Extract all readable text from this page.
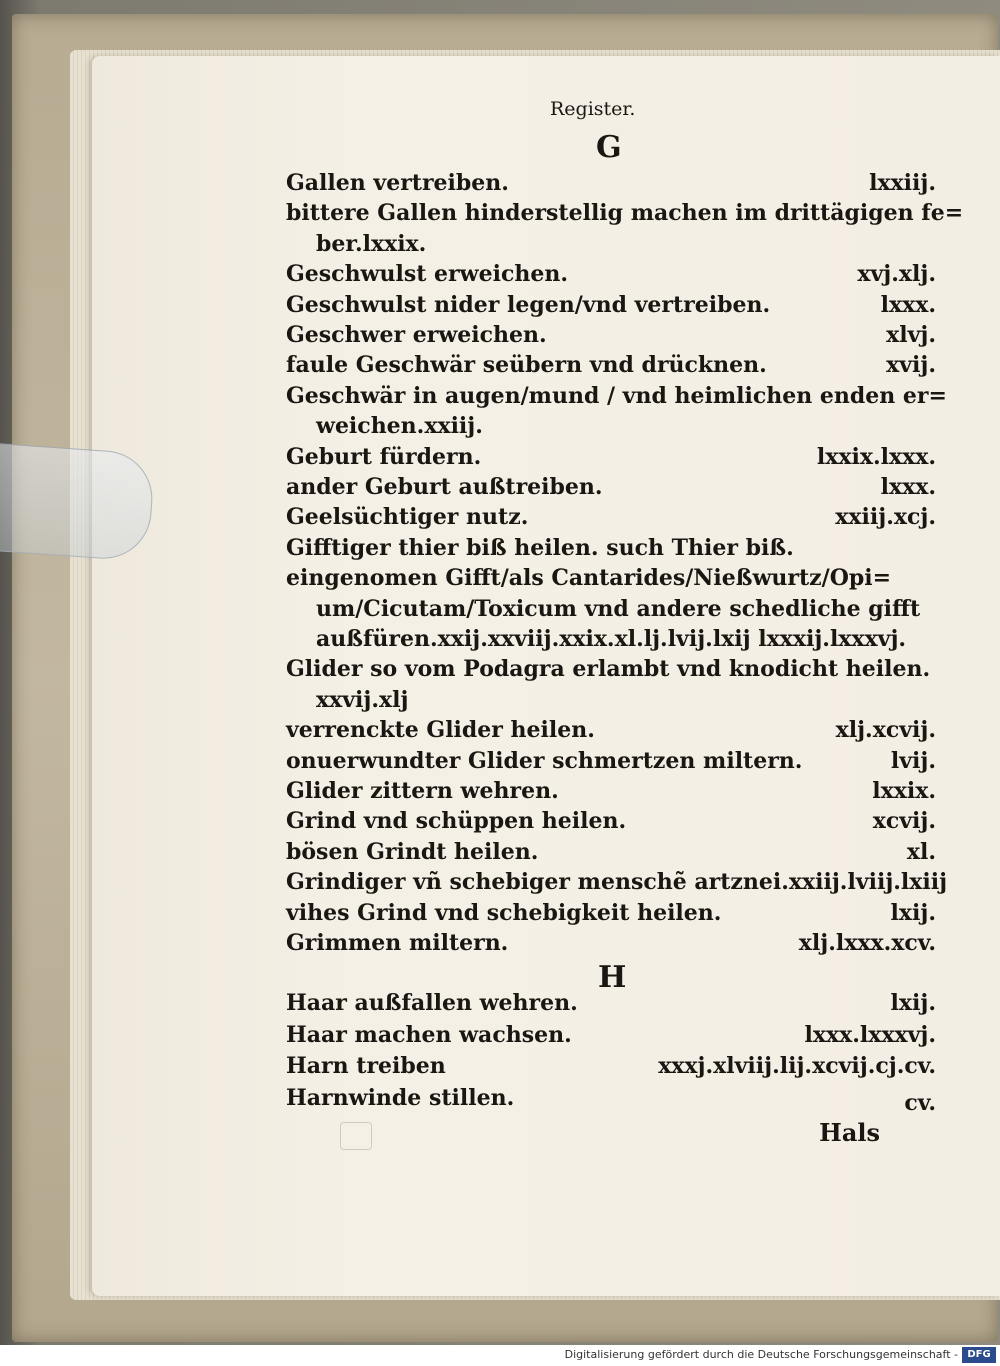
Register.
G
Gallen vertreiben.	lxxiij.
bittere Gallen hinderstellig machen im drittägigen fe=
ber.lxxix.
Geschwulst erweichen.	xvj.xlj.
Geschwulst nider legen/vnd vertreiben.	lxxx.
Geschwer erweichen.	xlvj.
faule Geschwär seübern vnd drücknen.	xvij.
Geschwär in augen/mund / vnd heimlichen enden er=
weichen.xxiij.
Geburt fürdern.	lxxix.lxxx.
ander Geburt außtreiben.	lxxx.
Geelsüchtiger nutz.	xxiij.xcj.
Gifftiger thier biß heilen. such Thier biß.
eingenomen Gifft/als Cantarides/Nießwurtz/Opi=
um/Cicutam/Toxicum vnd andere schedliche gifft
außfüren.xxij.xxviij.xxix.xl.lj.lvij.lxij lxxxij.lxxxvj.
Glider so vom Podagra erlambt vnd knodicht heilen.
xxvij.xlj
verrenckte Glider heilen.	xlj.xcvij.
onuerwundter Glider schmertzen miltern.	lvij.
Glider zittern wehren.	lxxix.
Grind vnd schüppen heilen.	xcvij.
bösen Grindt heilen.	xl.
Grindiger vñ schebiger menschẽ artznei.xxiij.lviij.lxiij
vihes Grind vnd schebigkeit heilen.	lxij.
Grimmen miltern.	xlj.lxxx.xcv.
H
Haar außfallen wehren.	lxij.
Haar machen wachsen.	lxxx.lxxxvj.
Harn treiben	xxxj.xlviij.lij.xcvij.cj.cv.
Harnwinde stillen.	cv.
Hals
Digitalisierung gefördert durch die Deutsche Forschungsgemeinschaft - DFG
